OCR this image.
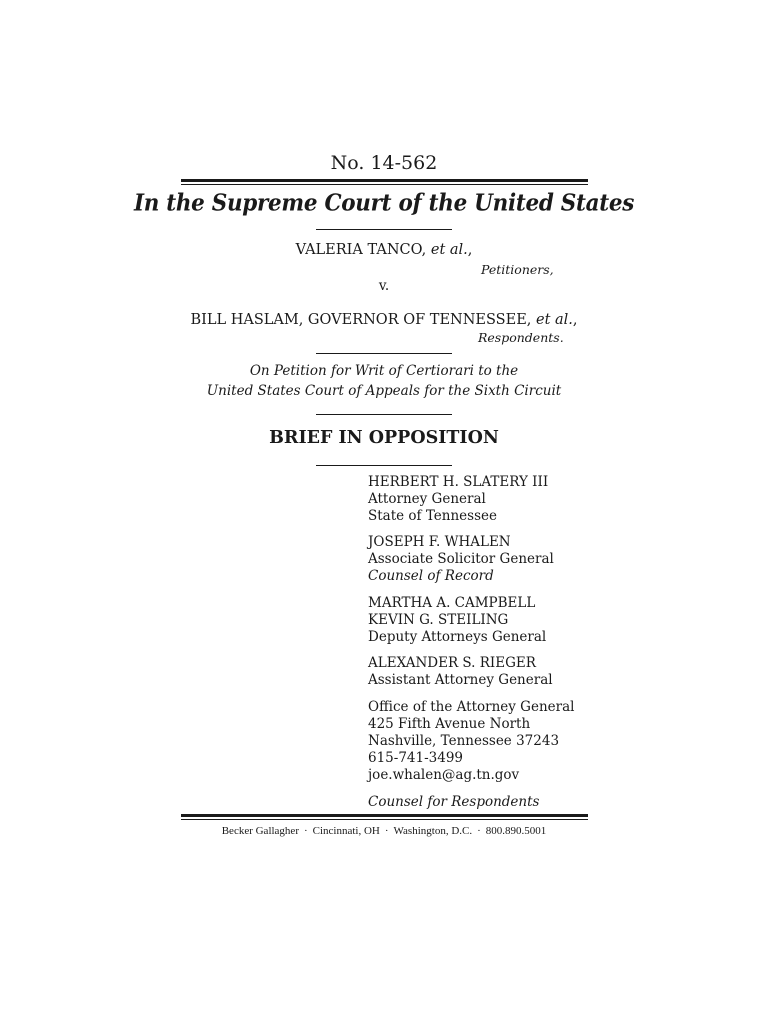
No. 14-562
In the Supreme Court of the United States
VALERIA TANCO, et al.,
Petitioners,
v.
BILL HASLAM, GOVERNOR OF TENNESSEE, et al.,
Respondents.
On Petition for Writ of Certiorari to the
United States Court of Appeals for the Sixth Circuit
BRIEF IN OPPOSITION
HERBERT H. SLATERY III
Attorney General
State of Tennessee
JOSEPH F. WHALEN
Associate Solicitor General
Counsel of Record
MARTHA A. CAMPBELL
KEVIN G. STEILING
Deputy Attorneys General
ALEXANDER S. RIEGER
Assistant Attorney General
Office of the Attorney General
425 Fifth Avenue North
Nashville, Tennessee 37243
615-741-3499
joe.whalen@ag.tn.gov
Counsel for Respondents
Becker Gallagher · Cincinnati, OH · Washington, D.C. · 800.890.5001
